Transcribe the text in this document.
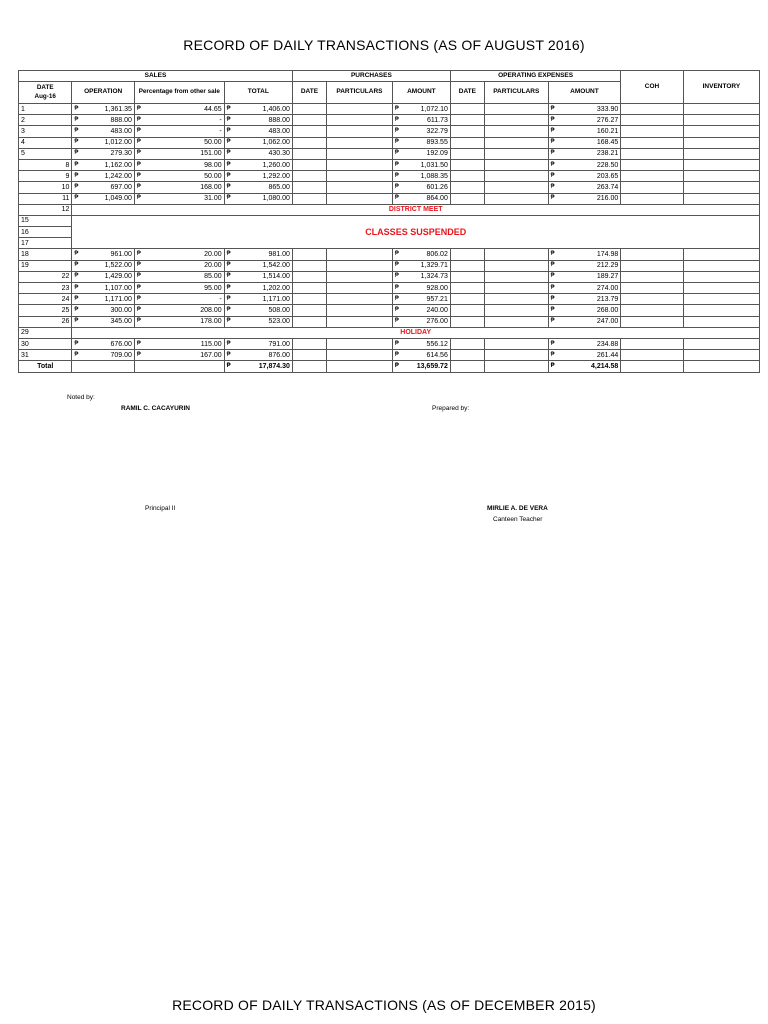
RECORD OF DAILY TRANSACTIONS (AS OF AUGUST 2016)
SALES				PURCHASES			OPERATING EXPENSES			COH	INVENTORY
DATE
Aug-16	OPERATION	Percentage from other sale	TOTAL	DATE	PARTICULARS	AMOUNT	DATE	PARTICULARS	AMOUNT		
1	₱ 1,361.35	₱ 44.65	₱ 1,406.00			₱ 1,072.10			₱ 333.90		
2	₱ 888.00	₱ -	₱ 888.00			₱ 611.73			₱ 276.27		
3	₱ 483.00	₱ -	₱ 483.00			₱ 322.79			₱ 160.21		
4	₱ 1,012.00	₱ 50.00	₱ 1,062.00			₱ 893.55			₱ 168.45		
5	₱ 279.30	₱ 151.00	₱ 430.30			₱ 192.09			₱ 238.21		
8	₱ 1,162.00	₱ 98.00	₱ 1,260.00			₱ 1,031.50			₱ 228.50		
9	₱ 1,242.00	₱ 50.00	₱ 1,292.00			₱ 1,088.35			₱ 203.65		
10	₱ 697.00	₱ 168.00	₱ 865.00			₱ 601.26			₱ 263.74		
11	₱ 1,049.00	₱ 31.00	₱ 1,080.00			₱ 864.00			₱ 216.00		
12	DISTRICT MEET										
15	CLASSES SUSPENDED										
16											
17											
18	₱ 961.00	₱ 20.00	₱ 981.00			₱ 806.02			₱ 174.98		
19	₱ 1,522.00	₱ 20.00	₱ 1,542.00			₱ 1,329.71			₱ 212.29		
22	₱ 1,429.00	₱ 85.00	₱ 1,514.00			₱ 1,324.73			₱ 189.27		
23	₱ 1,107.00	₱ 95.00	₱ 1,202.00			₱ 928.00			₱ 274.00		
24	₱ 1,171.00	₱ -	₱ 1,171.00			₱ 957.21			₱ 213.79		
25	₱ 300.00	₱ 208.00	₱ 508.00			₱ 240.00			₱ 268.00		
26	₱ 345.00	₱ 178.00	₱ 523.00			₱ 276.00			₱ 247.00		
29	HOLIDAY										
30	₱ 676.00	₱ 115.00	₱ 791.00			₱ 556.12			₱ 234.88		
31	₱ 709.00	₱ 167.00	₱ 876.00			₱ 614.56			₱ 261.44		
Total			₱ 17,874.30			₱ 13,659.72			₱ 4,214.58		
Noted by:
RAMIL C. CACAYURIN
Principal II
Prepared by:
MIRLIE A. DE VERA
Canteen Teacher
RECORD OF DAILY TRANSACTIONS (AS OF DECEMBER 2015)
